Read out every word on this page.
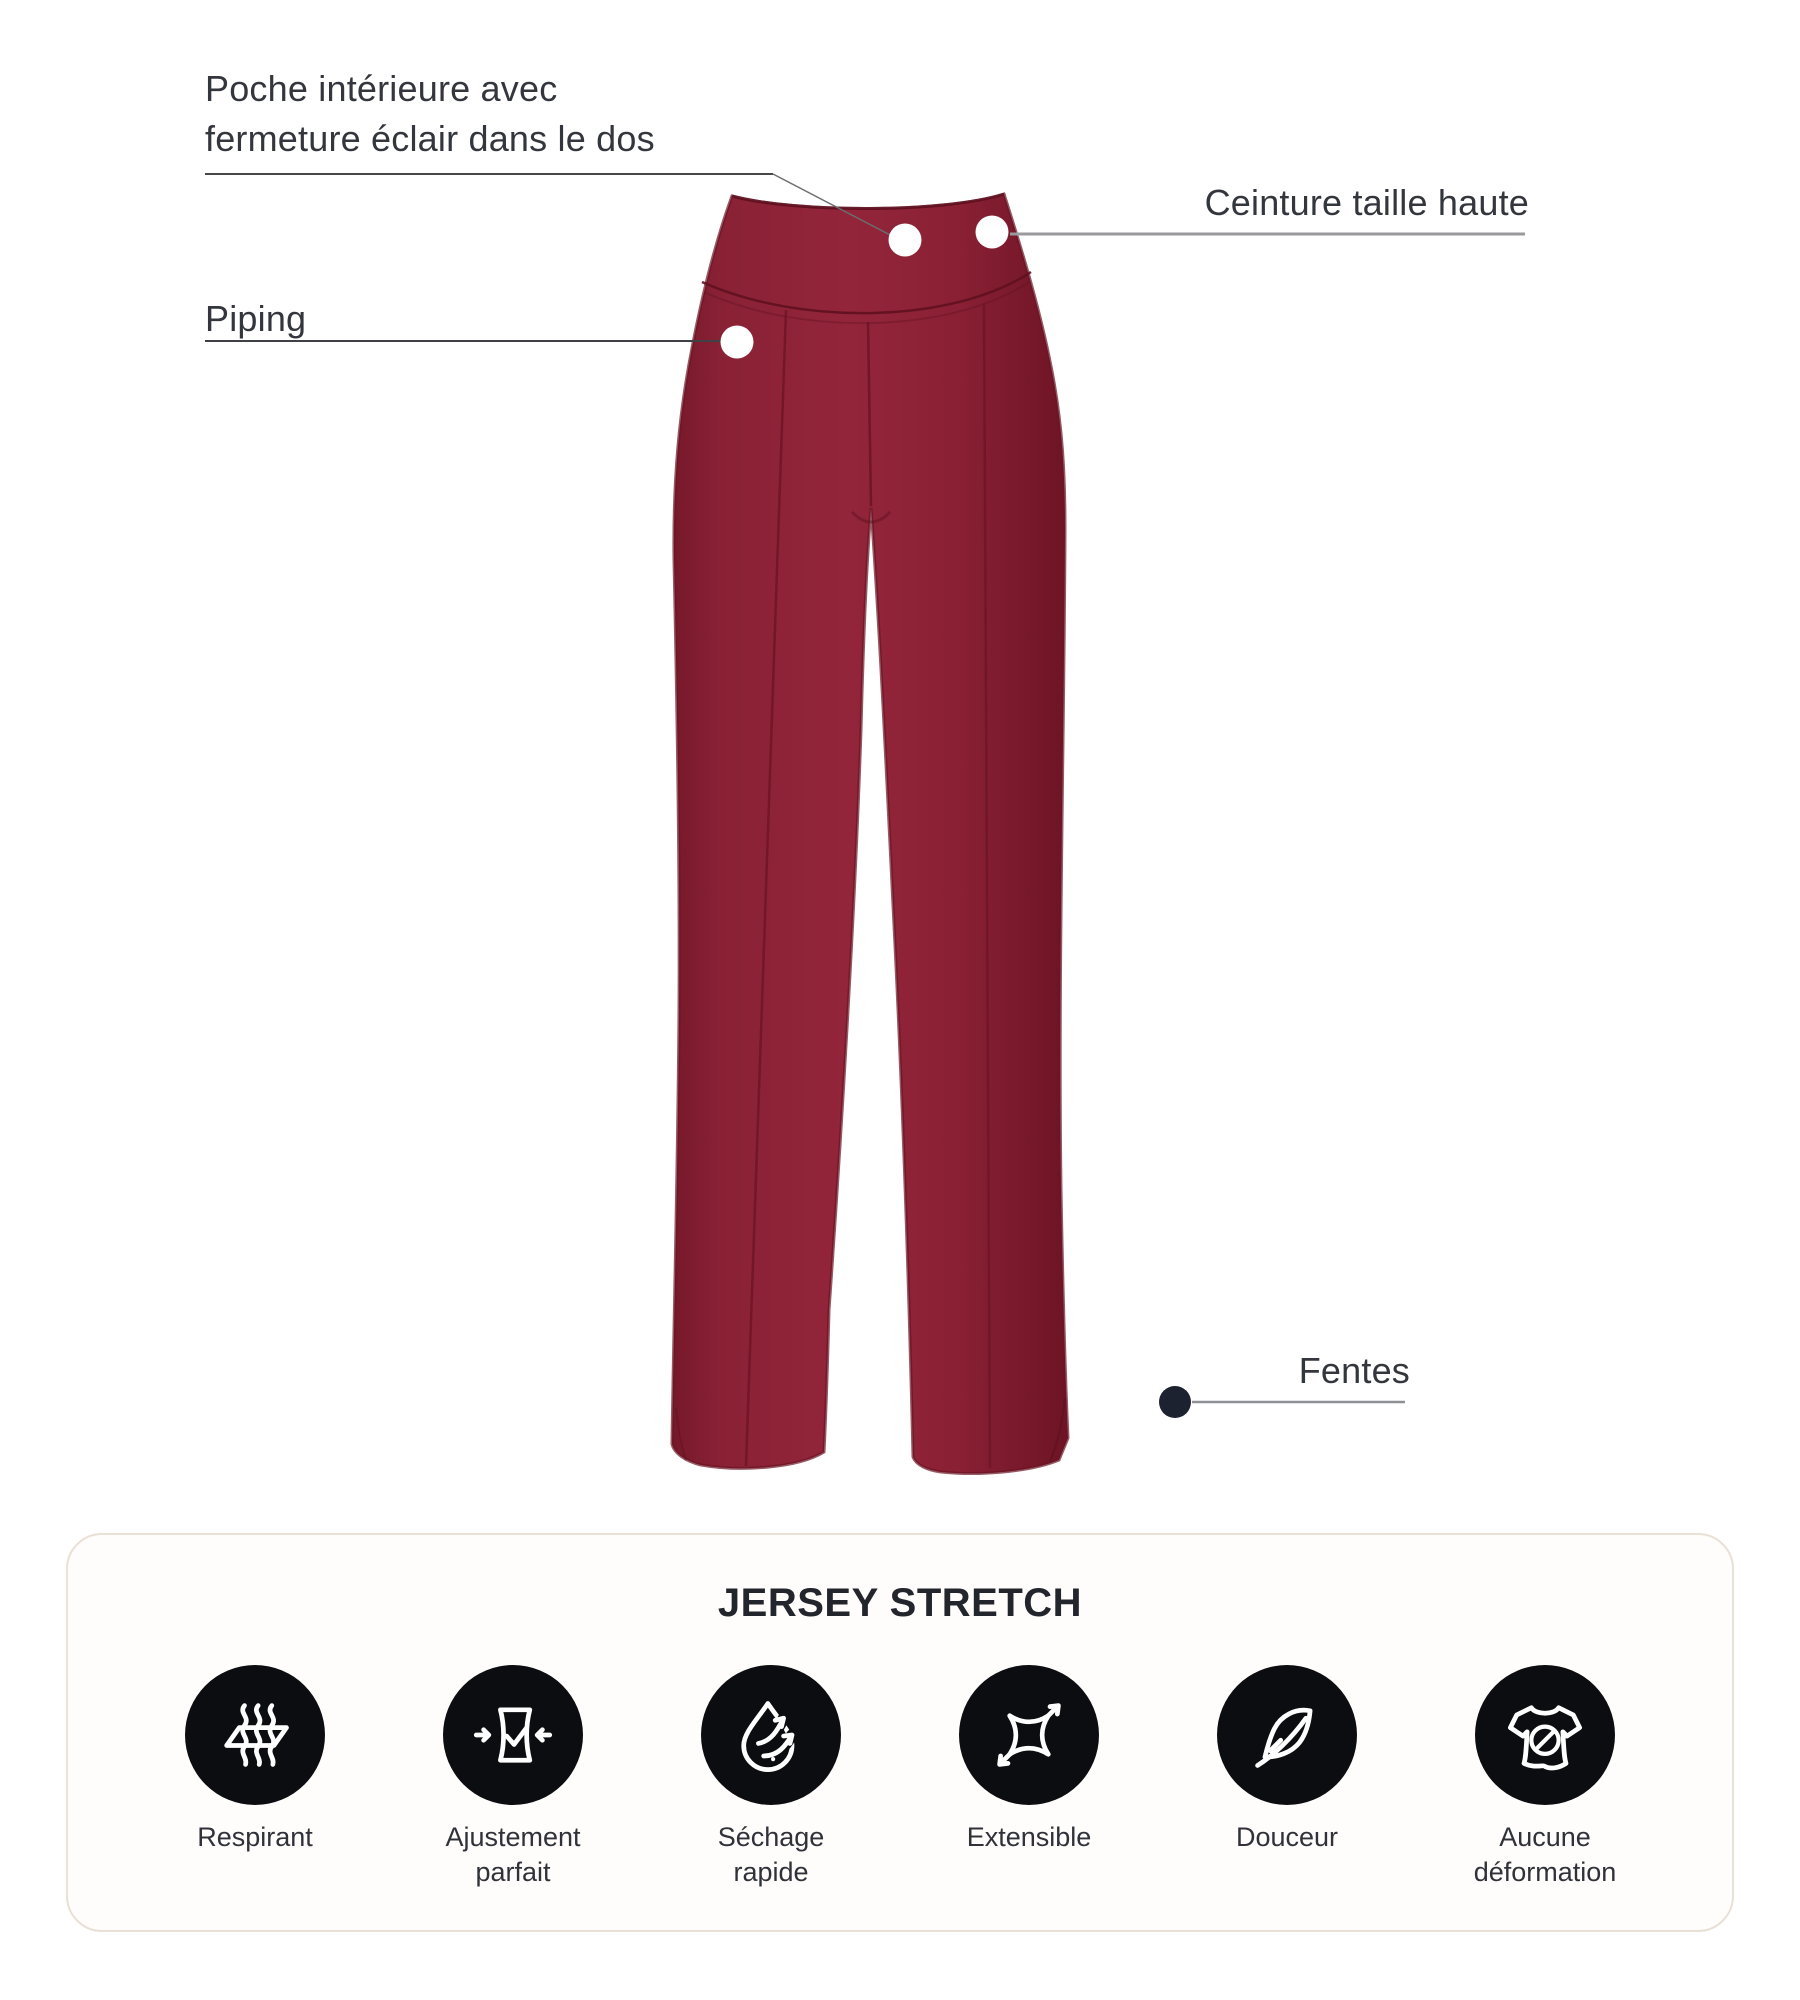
Poche intérieure avec
fermeture éclair dans le dos
Ceinture taille haute
Piping
Fentes
JERSEY STRETCH
Respirant	Ajustement parfait
Séchage rapide
Extensible	Douceur	Aucune déformation
